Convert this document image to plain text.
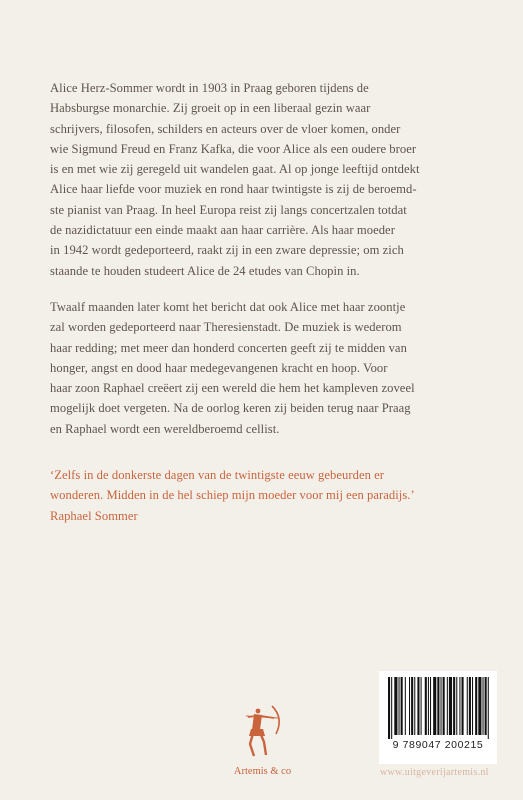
Alice Herz-Sommer wordt in 1903 in Praag geboren tijdens de
Habsburgse monarchie. Zij groeit op in een liberaal gezin waar
schrijvers, filosofen, schilders en acteurs over de vloer komen, onder
wie Sigmund Freud en Franz Kafka, die voor Alice als een oudere broer
is en met wie zij geregeld uit wandelen gaat. Al op jonge leeftijd ontdekt
Alice haar liefde voor muziek en rond haar twintigste is zij de beroemd-
ste pianist van Praag. In heel Europa reist zij langs concertzalen totdat
de nazidictatuur een einde maakt aan haar carrière. Als haar moeder
in 1942 wordt gedeporteerd, raakt zij in een zware depressie; om zich
staande te houden studeert Alice de 24 etudes van Chopin in.

Twaalf maanden later komt het bericht dat ook Alice met haar zoontje
zal worden gedeporteerd naar Theresienstadt. De muziek is wederom
haar redding; met meer dan honderd concerten geeft zij te midden van
honger, angst en dood haar medegevangenen kracht en hoop. Voor
haar zoon Raphael creëert zij een wereld die hem het kampleven zoveel
mogelijk doet vergeten. Na de oorlog keren zij beiden terug naar Praag
en Raphael wordt een wereldberoemd cellist.

‘Zelfs in de donkerste dagen van de twintigste eeuw gebeurden er
wonderen. Midden in de hel schiep mijn moeder voor mij een paradijs.’
Raphael Sommer

9 789047 200215
Artemis & co	www.uitgeverijartemis.nl
